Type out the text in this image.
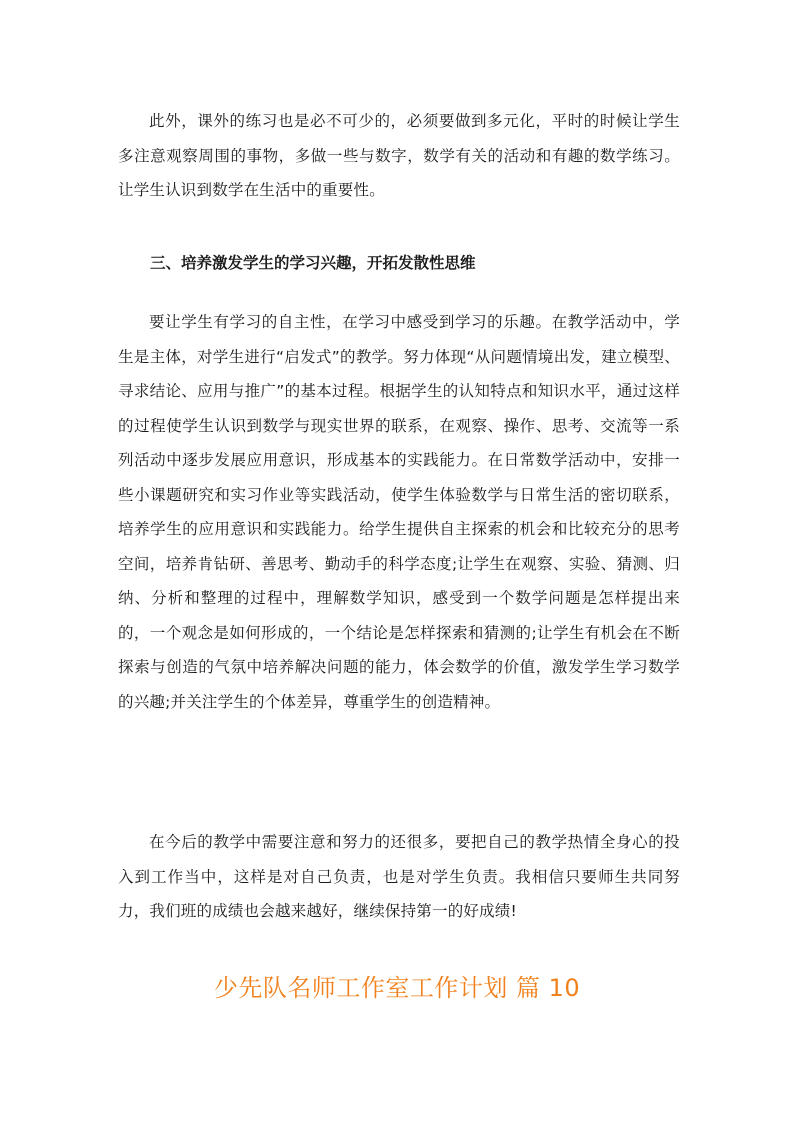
此外，课外的练习也是必不可少的，必须要做到多元化，平时的时候让学生多注意观察周围的事物，多做一些与数字，数学有关的活动和有趣的数学练习。让学生认识到数学在生活中的重要性。

三、培养激发学生的学习兴趣，开拓发散性思维

要让学生有学习的自主性，在学习中感受到学习的乐趣。在教学活动中，学生是主体，对学生进行“启发式”的教学。努力体现“从问题情境出发，建立模型、寻求结论、应用与推广”的基本过程。根据学生的认知特点和知识水平，通过这样的过程使学生认识到数学与现实世界的联系，在观察、操作、思考、交流等一系列活动中逐步发展应用意识，形成基本的实践能力。在日常数学活动中，安排一些小课题研究和实习作业等实践活动，使学生体验数学与日常生活的密切联系，培养学生的应用意识和实践能力。给学生提供自主探索的机会和比较充分的思考空间，培养肯钻研、善思考、勤动手的科学态度;让学生在观察、实验、猜测、归纳、分析和整理的过程中，理解数学知识，感受到一个数学问题是怎样提出来的，一个观念是如何形成的，一个结论是怎样探索和猜测的;让学生有机会在不断探索与创造的气氛中培养解决问题的能力，体会数学的价值，激发学生学习数学的兴趣;并关注学生的个体差异，尊重学生的创造精神。

在今后的教学中需要注意和努力的还很多，要把自己的教学热情全身心的投入到工作当中，这样是对自己负责，也是对学生负责。我相信只要师生共同努力，我们班的成绩也会越来越好，继续保持第一的好成绩!

少先队名师工作室工作计划 篇 10
